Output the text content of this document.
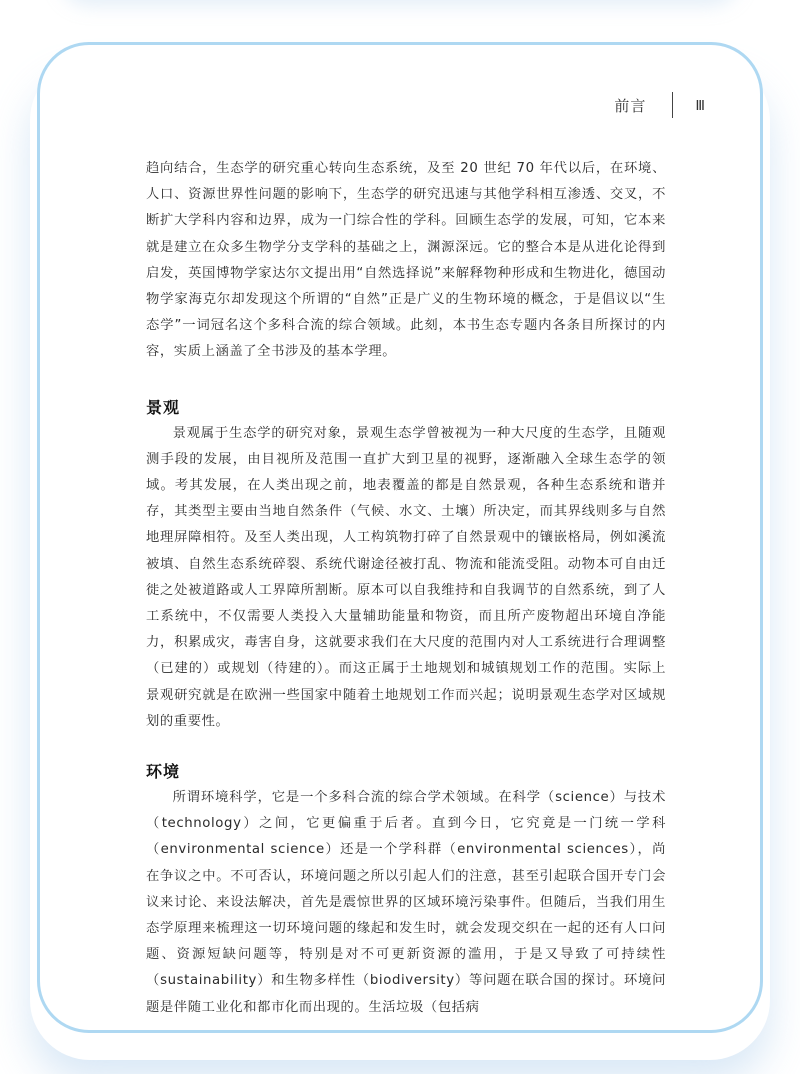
前言	Ⅲ

趋向结合，生态学的研究重心转向生态系统，及至 20 世纪 70 年代以后，在环境、人口、资源世界性问题的影响下，生态学的研究迅速与其他学科相互渗透、交叉，不断扩大学科内容和边界，成为一门综合性的学科。回顾生态学的发展，可知，它本来就是建立在众多生物学分支学科的基础之上，渊源深远。它的整合本是从进化论得到启发，英国博物学家达尔文提出用“自然选择说”来解释物种形成和生物进化，德国动物学家海克尔却发现这个所谓的“自然”正是广义的生物环境的概念，于是倡议以“生态学”一词冠名这个多科合流的综合领域。此刻，本书生态专题内各条目所探讨的内容，实质上涵盖了全书涉及的基本学理。

景观

景观属于生态学的研究对象，景观生态学曾被视为一种大尺度的生态学，且随观测手段的发展，由目视所及范围一直扩大到卫星的视野，逐渐融入全球生态学的领域。考其发展，在人类出现之前，地表覆盖的都是自然景观，各种生态系统和谐并存，其类型主要由当地自然条件（气候、水文、土壤）所决定，而其界线则多与自然地理屏障相符。及至人类出现，人工构筑物打碎了自然景观中的镶嵌格局，例如溪流被填、自然生态系统碎裂、系统代谢途径被打乱、物流和能流受阻。动物本可自由迁徙之处被道路或人工界障所割断。原本可以自我维持和自我调节的自然系统，到了人工系统中，不仅需要人类投入大量辅助能量和物资，而且所产废物超出环境自净能力，积累成灾，毒害自身，这就要求我们在大尺度的范围内对人工系统进行合理调整（已建的）或规划（待建的）。而这正属于土地规划和城镇规划工作的范围。实际上景观研究就是在欧洲一些国家中随着土地规划工作而兴起；说明景观生态学对区域规划的重要性。

环境

所谓环境科学，它是一个多科合流的综合学术领域。在科学（science）与技术（technology）之间，它更偏重于后者。直到今日，它究竟是一门统一学科（environmental science）还是一个学科群（environmental sciences），尚在争议之中。不可否认，环境问题之所以引起人们的注意，甚至引起联合国开专门会议来讨论、来设法解决，首先是震惊世界的区域环境污染事件。但随后，当我们用生态学原理来梳理这一切环境问题的缘起和发生时，就会发现交织在一起的还有人口问题、资源短缺问题等，特别是对不可更新资源的滥用，于是又导致了可持续性（sustainability）和生物多样性（biodiversity）等问题在联合国的探讨。环境问题是伴随工业化和都市化而出现的。生活垃圾（包括病
